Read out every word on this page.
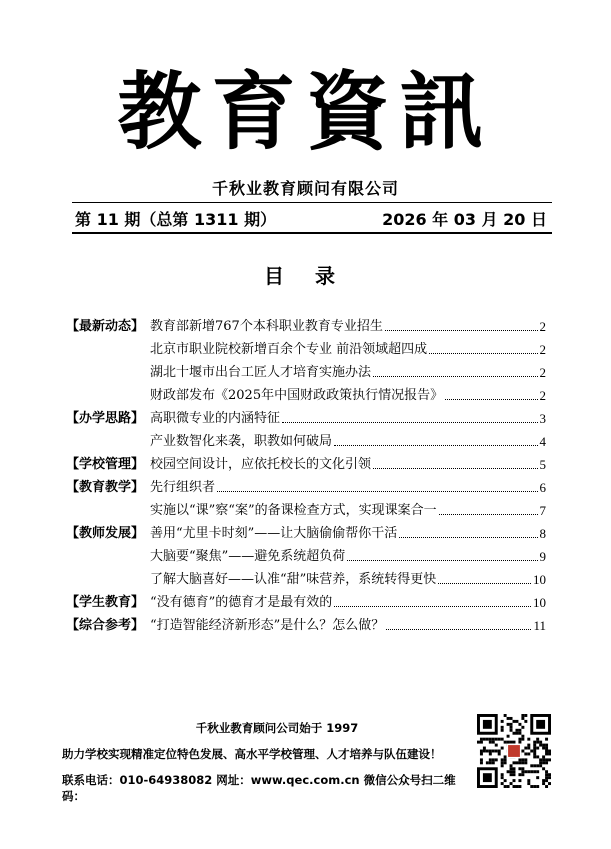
教育資訊
千秋业教育顾问有限公司
第 11 期（总第 1311 期）	2026 年 03 月 20 日
目 录
【最新动态】 教育部新增767个本科职业教育专业招生	2
北京市职业院校新增百余个专业 前沿领域超四成	2
湖北十堰市出台工匠人才培育实施办法	2
财政部发布《2025年中国财政政策执行情况报告》	2
【办学思路】 高职微专业的内涵特征	3
产业数智化来袭，职教如何破局	4
【学校管理】 校园空间设计，应依托校长的文化引领	5
【教育教学】 先行组织者	6
实施以“课”察“案”的备课检查方式，实现课案合一	7
【教师发展】 善用“尤里卡时刻”——让大脑偷偷帮你干活	8
大脑要“聚焦”——避免系统超负荷	9
了解大脑喜好——认准“甜”味营养，系统转得更快	10
【学生教育】 “没有德育”的德育才是最有效的	10
【综合参考】 “打造智能经济新形态”是什么？怎么做？	11
千秋业教育顾问公司始于 1997
助力学校实现精准定位特色发展、高水平学校管理、人才培养与队伍建设！
联系电话：010-64938082 网址：www.qec.com.cn 微信公众号扫二维码：
